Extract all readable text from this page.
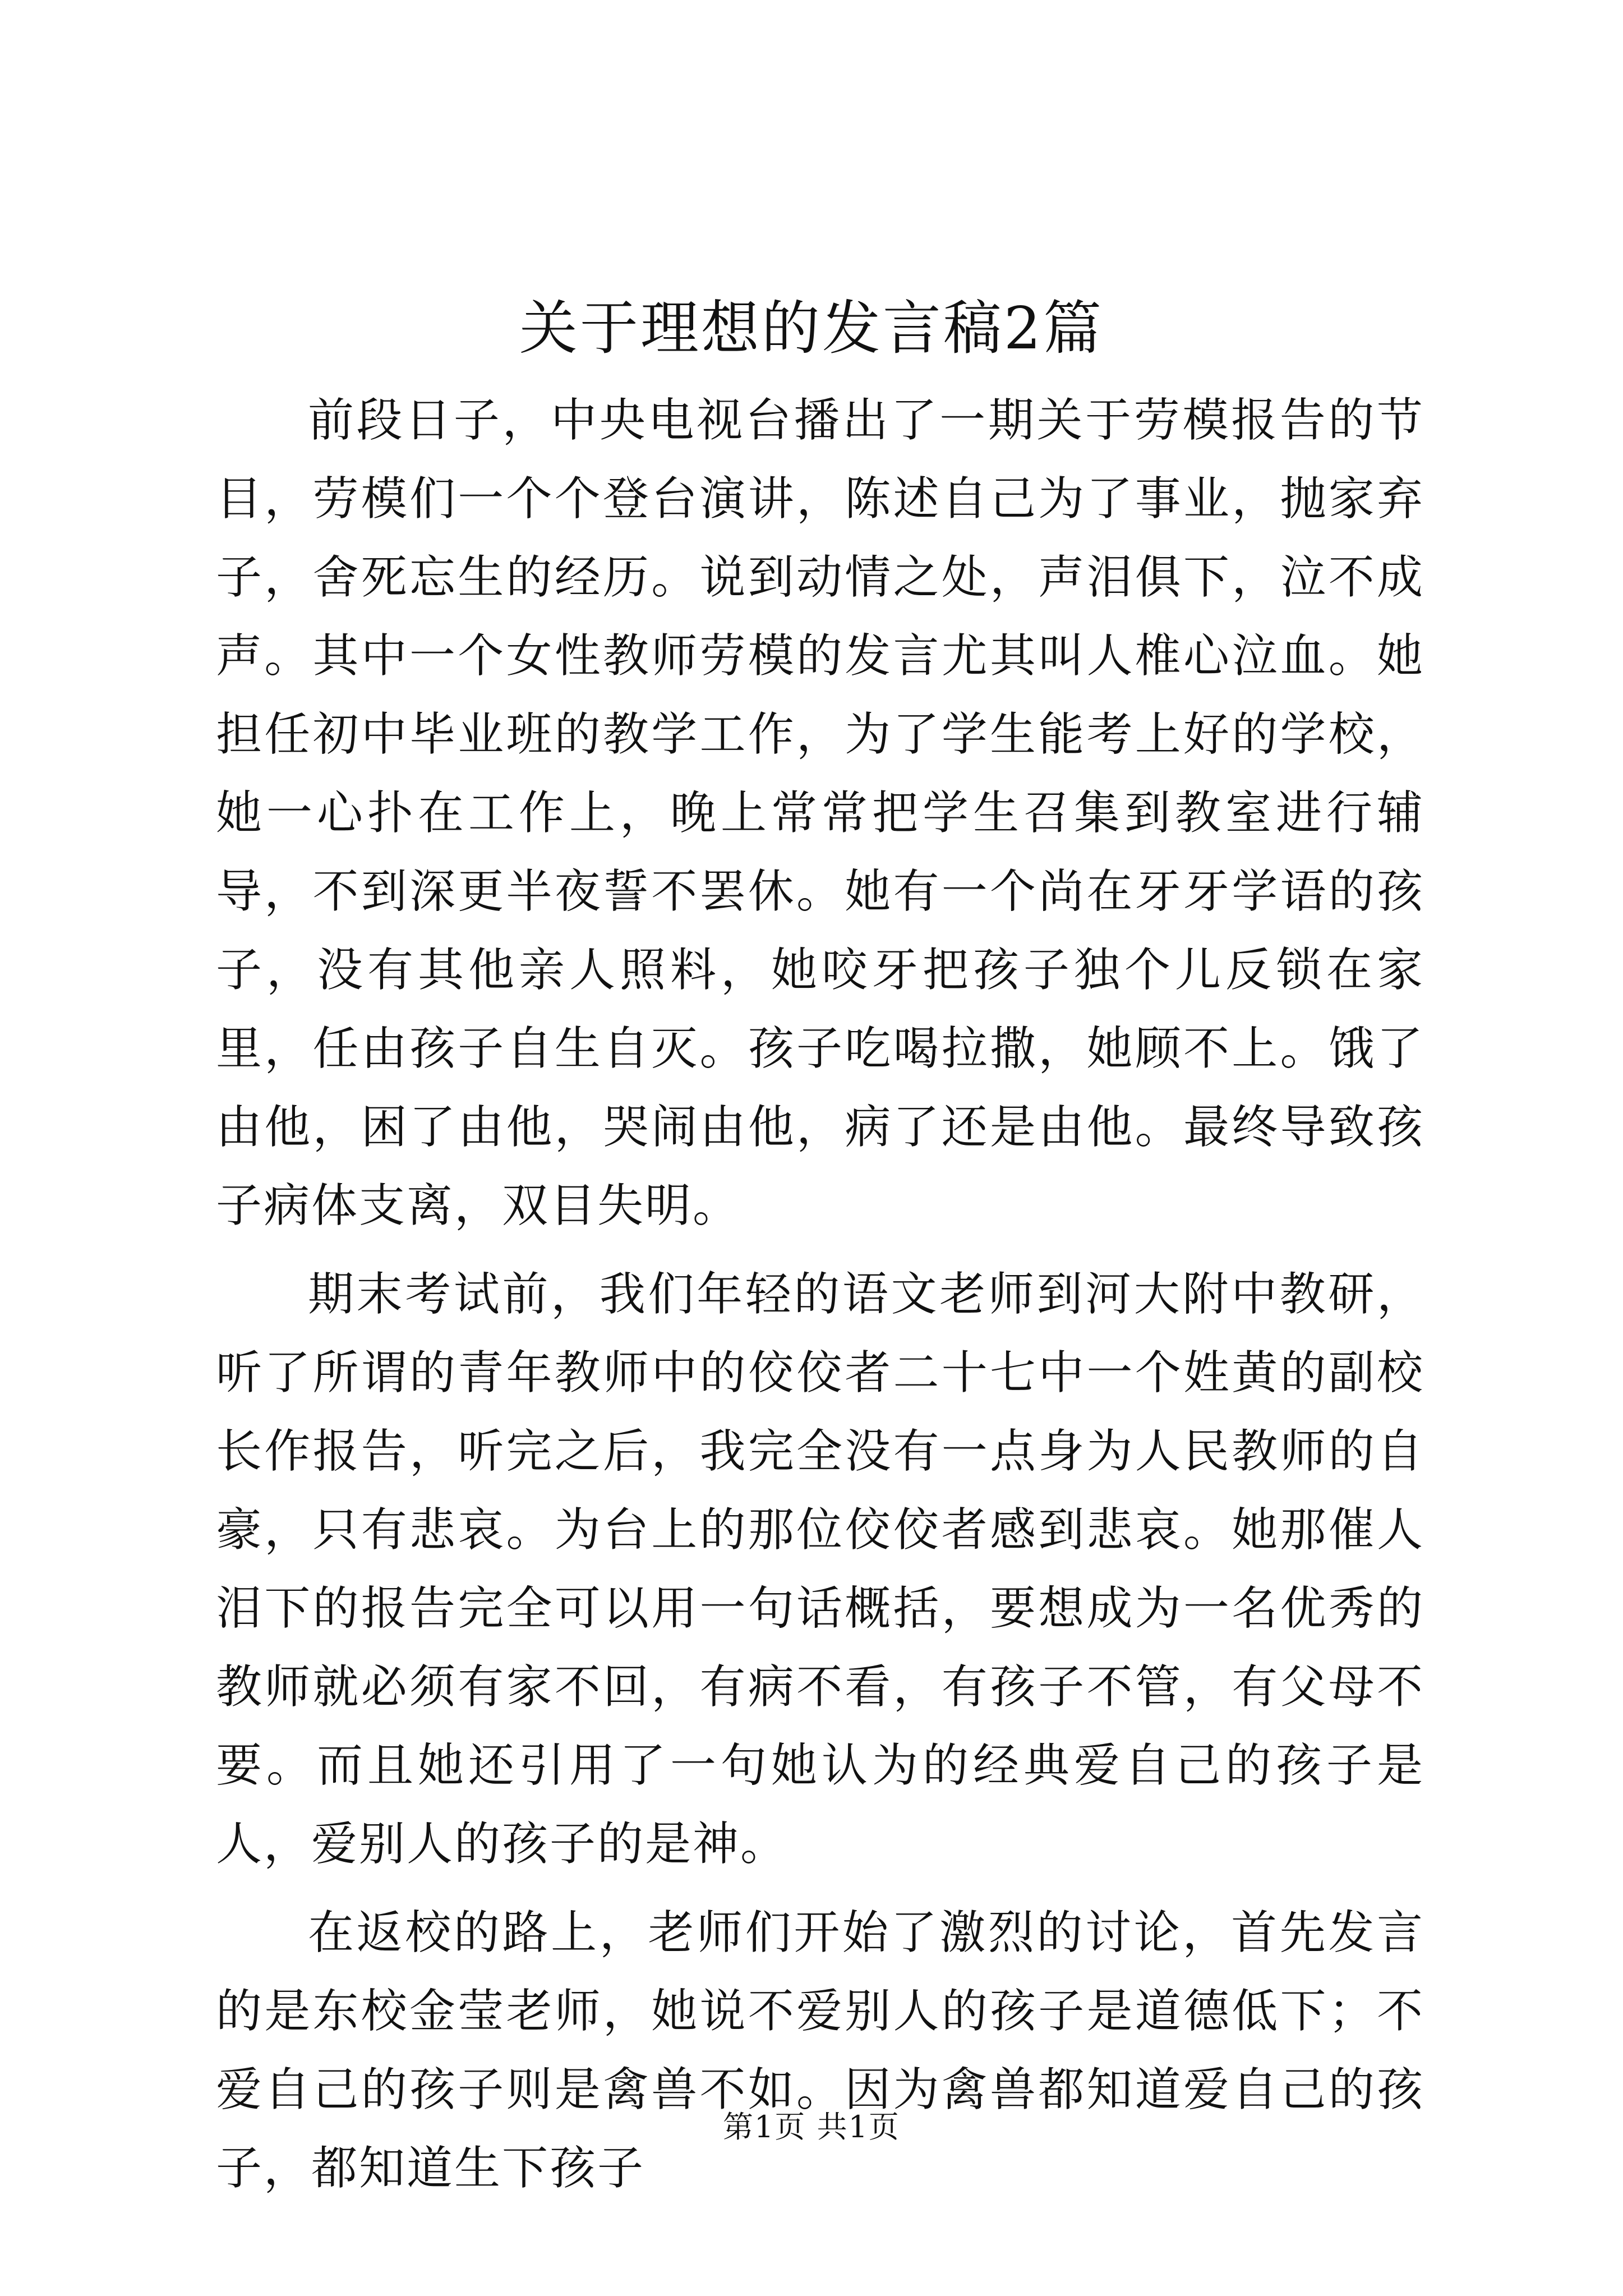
关于理想的发言稿2篇

前段日子，中央电视台播出了一期关于劳模报告的节目，劳模们一个个登台演讲，陈述自己为了事业，抛家弃子，舍死忘生的经历。说到动情之处，声泪俱下，泣不成声。其中一个女性教师劳模的发言尤其叫人椎心泣血。她担任初中毕业班的教学工作，为了学生能考上好的学校，她一心扑在工作上，晚上常常把学生召集到教室进行辅导，不到深更半夜誓不罢休。她有一个尚在牙牙学语的孩子，没有其他亲人照料，她咬牙把孩子独个儿反锁在家里，任由孩子自生自灭。孩子吃喝拉撒，她顾不上。饿了由他，困了由他，哭闹由他，病了还是由他。最终导致孩子病体支离，双目失明。

期末考试前，我们年轻的语文老师到河大附中教研，听了所谓的青年教师中的佼佼者二十七中一个姓黄的副校长作报告，听完之后，我完全没有一点身为人民教师的自豪，只有悲哀。为台上的那位佼佼者感到悲哀。她那催人泪下的报告完全可以用一句话概括，要想成为一名优秀的教师就必须有家不回，有病不看，有孩子不管，有父母不要。而且她还引用了一句她认为的经典爱自己的孩子是人，爱别人的孩子的是神。

在返校的路上，老师们开始了激烈的讨论，首先发言的是东校金莹老师，她说不爱别人的孩子是道德低下；不爱自己的孩子则是禽兽不如。因为禽兽都知道爱自己的孩子，都知道生下孩子

第1页 共1页
